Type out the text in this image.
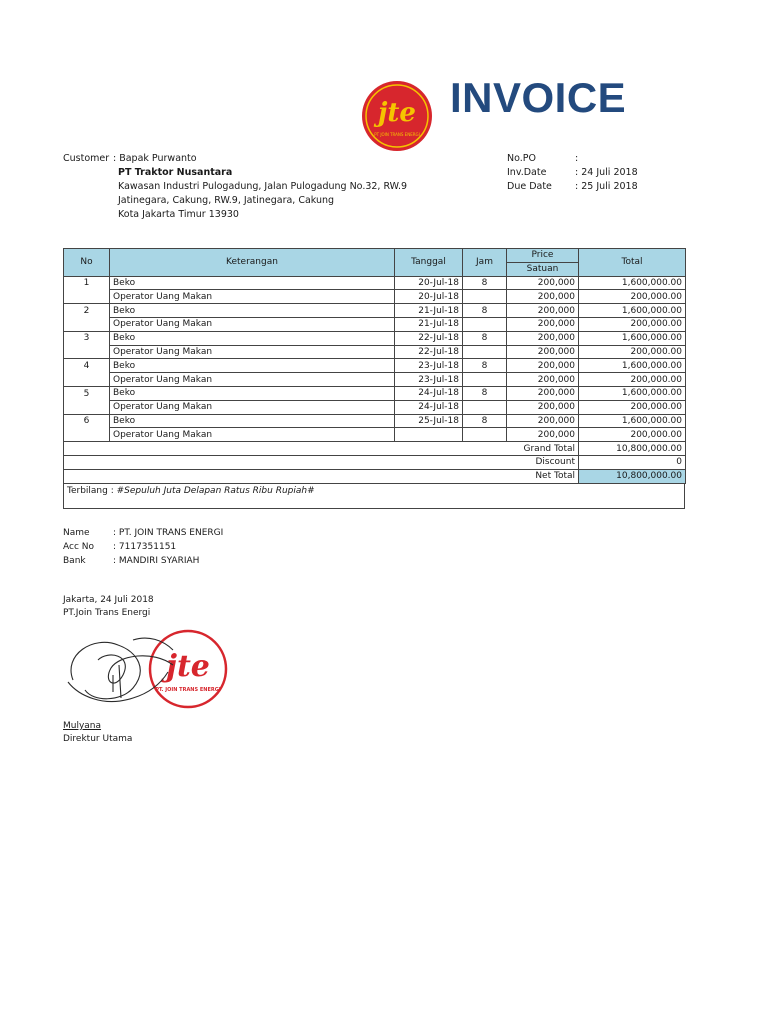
jte
PT JOIN TRANS ENERGI
INVOICE
Customer : Bapak Purwanto
PT Traktor Nusantara
Kawasan Industri Pulogadung, Jalan Pulogadung No.32, RW.9
Jatinegara, Cakung, RW.9, Jatinegara, Cakung
Kota Jakarta Timur 13930
No.PO	:
Inv.Date	: 24 Juli 2018
Due Date : 25 Juli 2018
No	Keterangan	Tanggal	Jam	Price	Total
				Satuan	
1	Beko	20-Jul-18	8	200,000	1,600,000.00
	Operator Uang Makan	20-Jul-18		200,000	200,000.00
2	Beko	21-Jul-18	8	200,000	1,600,000.00
	Operator Uang Makan	21-Jul-18		200,000	200,000.00
3	Beko	22-Jul-18	8	200,000	1,600,000.00
	Operator Uang Makan	22-Jul-18		200,000	200,000.00
4	Beko	23-Jul-18	8	200,000	1,600,000.00
	Operator Uang Makan	23-Jul-18		200,000	200,000.00
5	Beko	24-Jul-18	8	200,000	1,600,000.00
	Operator Uang Makan	24-Jul-18		200,000	200,000.00
6	Beko	25-Jul-18	8	200,000	1,600,000.00
	Operator Uang Makan			200,000	200,000.00
Grand Total					10,800,000.00
Discount					0
Net Total					10,800,000.00
Terbilang : #Sepuluh Juta Delapan Ratus Ribu Rupiah#
Name	: PT. JOIN TRANS ENERGI
Acc No : 7117351151
Bank	: MANDIRI SYARIAH
Jakarta, 24 Juli 2018
PT.Join Trans Energi
jte
PT. JOIN TRANS ENERGI
Mulyana
Direktur Utama
